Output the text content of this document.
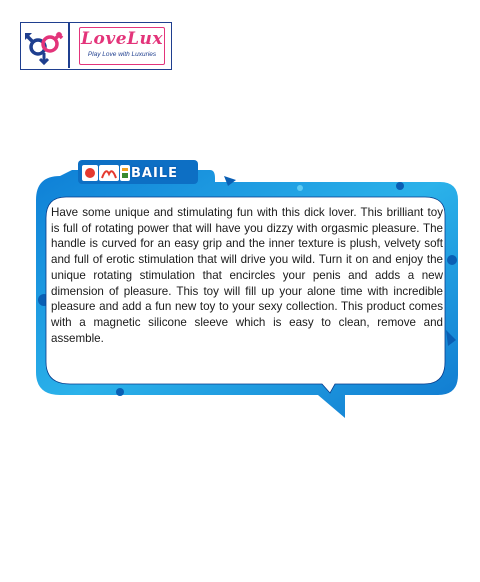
LoveLux
Play Love with Luxuries
BAILE

Have some unique and stimulating fun with this dick lover. This brilliant toy is full of rotating power that will have you dizzy with orgasmic pleasure. The handle is curved for an easy grip and the inner texture is plush, velvety soft and full of erotic stimulation that will drive you wild. Turn it on and enjoy the unique rotating stimulation that encircles your penis and adds a new dimension of pleasure. This toy will fill up your alone time with incredible pleasure and add a fun new toy to your sexy collection. This product comes with a magnetic silicone sleeve which is easy to clean, remove and assemble.
